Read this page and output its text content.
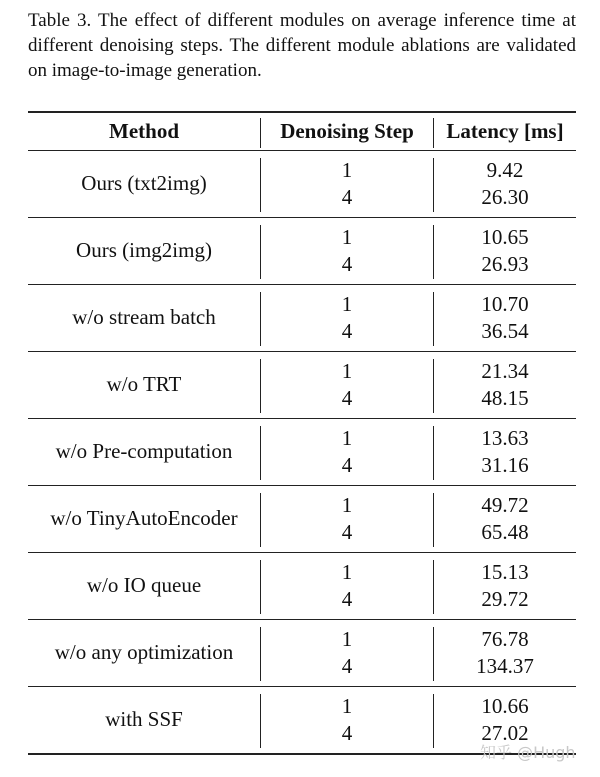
Table 3. The effect of different modules on average inference time at different denoising steps. The different module ablations are validated on image-to-image generation.

Method	Denoising Step	Latency [ms]
Ours (txt2img)
1
4
9.42
26.30
Ours (img2img)
1
4
10.65
26.93
w/o stream batch
1
4
10.70
36.54
w/o TRT
1
4
21.34
48.15
w/o Pre-computation
1
4
13.63
31.16
w/o TinyAutoEncoder
1
4
49.72
65.48
w/o IO queue
1
4
15.13
29.72
w/o any optimization
1
4
76.78
134.37
with SSF
1
4
10.66
27.02
知乎 @Hugh
